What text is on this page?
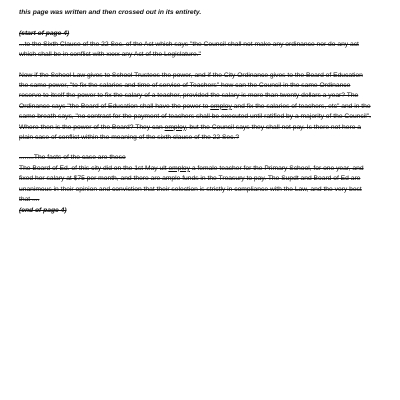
this page was written and then crossed out in its entirety.

(start of page 4)

...to the Sixth Clause of the 22 Sec. of the Act which says "the Council shall not make any ordinance nor do any act which shall be in conflict with xxxx any Act of the Legislature."

Now if the School Law gives to School Trustees the power, and if the City Ordinance gives to the Board of Education the same power, "to fix the salaries and time of service of Teachers" how can the Council in the same Ordinance reserve to itself the power to fix the salary of a teacher, provided the salary is more than twenty dollars a year? The Ordinance says "the Board of Education shall have the power to employ and fix the salaries of teachers, etc" and in the same breath says, "no contract for the payment of teachers shall be executed until ratified by a majority of the Council". Where then is the power of the Board? They can employ, but the Council says they shall not pay. Is there not here a plain case of conflict within the meaning of the sixth clause of the 22 Sec.?

........The facts of the case are these

The Board of Ed. of this city did on the 1st May ult employ a female teacher for the Primary School, for one year, and fixed her salary at $75 per month, and there are ample funds in the Treasury to pay. The Supdt and Board of Ed are unanimous in their opinion and conviction that their selection is strictly in compliance with the Law, and the very best that ....

(end of page 4)
